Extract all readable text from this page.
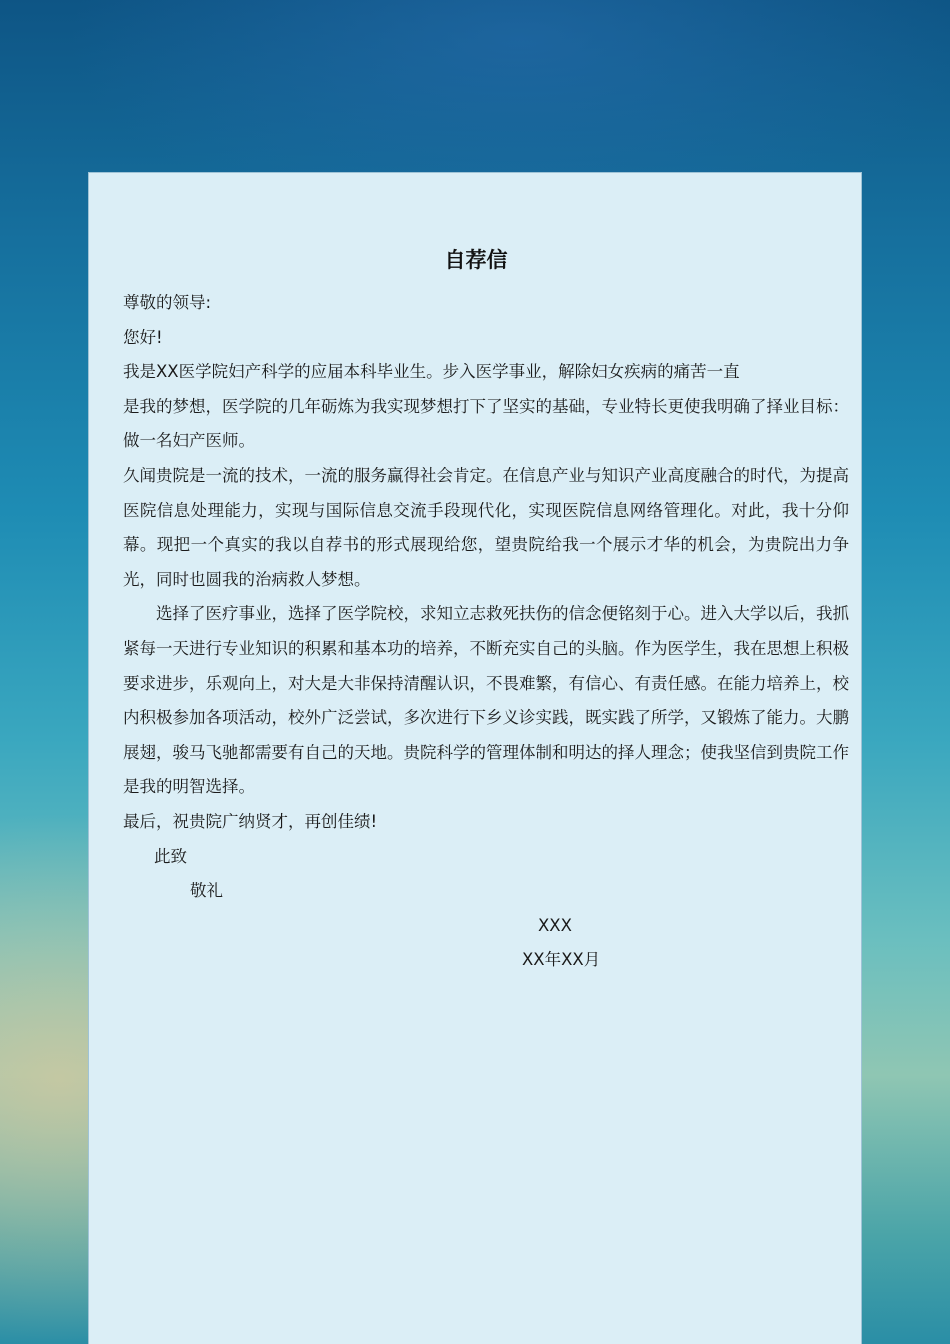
自荐信

尊敬的领导:

您好!

我是XX医学院妇产科学的应届本科毕业生。步入医学事业，解除妇女疾病的痛苦一直

是我的梦想，医学院的几年砺炼为我实现梦想打下了坚实的基础，专业特长更使我明确了择业目标：做一名妇产医师。

久闻贵院是一流的技术，一流的服务赢得社会肯定。在信息产业与知识产业高度融合的时代，为提高医院信息处理能力，实现与国际信息交流手段现代化，实现医院信息网络管理化。对此，我十分仰幕。现把一个真实的我以自荐书的形式展现给您，望贵院给我一个展示才华的机会，为贵院出力争光，同时也圆我的治病救人梦想。

选择了医疗事业，选择了医学院校，求知立志救死扶伤的信念便铭刻于心。进入大学以后，我抓紧每一天进行专业知识的积累和基本功的培养，不断充实自己的头脑。作为医学生，我在思想上积极要求进步，乐观向上，对大是大非保持清醒认识，不畏难繁，有信心、有责任感。在能力培养上，校内积极参加各项活动，校外广泛尝试，多次进行下乡义诊实践，既实践了所学，又锻炼了能力。大鹏展翅，骏马飞驰都需要有自己的天地。贵院科学的管理体制和明达的择人理念；使我坚信到贵院工作是我的明智选择。

最后，祝贵院广纳贤才，再创佳绩!

此致

敬礼

XXX

XX年XX月
